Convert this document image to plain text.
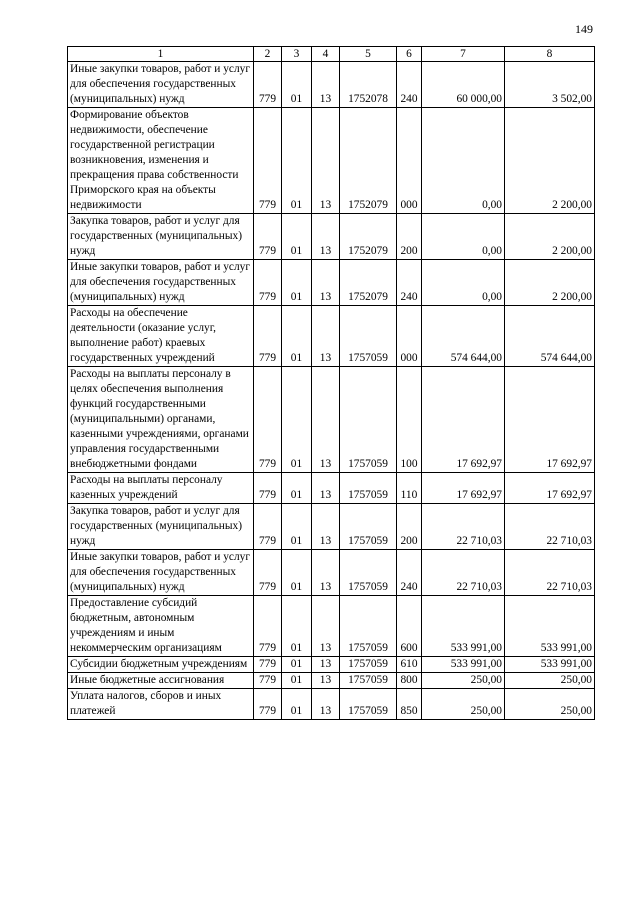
149
1	2	3	4	5	6	7	8
Иные закупки товаров, работ и услуг для обеспечения государственных (муниципальных) нужд	779	01	13	1752078	240	60 000,00	3 502,00
Формирование объектов недвижимости, обеспечение государственной регистрации возникновения, изменения и прекращения права собственности Приморского края на объекты недвижимости	779	01	13	1752079	000	0,00	2 200,00
Закупка товаров, работ и услуг для государственных (муниципальных) нужд	779	01	13	1752079	200	0,00	2 200,00
Иные закупки товаров, работ и услуг для обеспечения государственных (муниципальных) нужд	779	01	13	1752079	240	0,00	2 200,00
Расходы на обеспечение деятельности (оказание услуг, выполнение работ) краевых государственных учреждений	779	01	13	1757059	000	574 644,00	574 644,00
Расходы на выплаты персоналу в целях обеспечения выполнения функций государственными (муниципальными) органами, казенными учреждениями, органами управления государственными внебюджетными фондами	779	01	13	1757059	100	17 692,97	17 692,97
Расходы на выплаты персоналу казенных учреждений	779	01	13	1757059	110	17 692,97	17 692,97
Закупка товаров, работ и услуг для государственных (муниципальных) нужд	779	01	13	1757059	200	22 710,03	22 710,03
Иные закупки товаров, работ и услуг для обеспечения государственных (муниципальных) нужд	779	01	13	1757059	240	22 710,03	22 710,03
Предоставление субсидий бюджетным, автономным учреждениям и иным некоммерческим организациям	779	01	13	1757059	600	533 991,00	533 991,00
Субсидии бюджетным учреждениям	779	01	13	1757059	610	533 991,00	533 991,00
Иные бюджетные ассигнования	779	01	13	1757059	800	250,00	250,00
Уплата налогов, сборов и иных платежей	779	01	13	1757059	850	250,00	250,00
